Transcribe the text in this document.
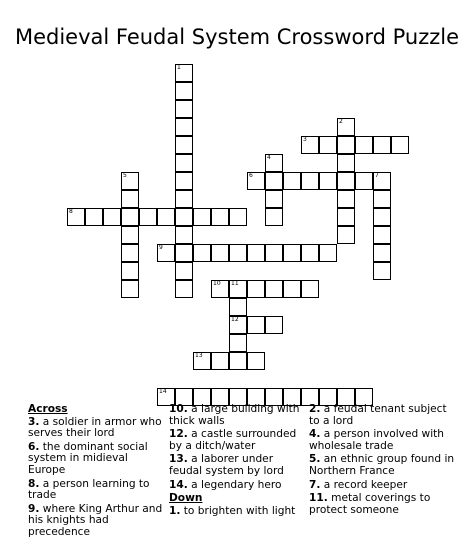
Medieval Feudal System Crossword Puzzle
1
2
3
4
5	6	7
8
9
10 11
12
13
14
Across
3. a soldier in armor who serves their lord
6. the dominant social system in midieval Europe
8. a person learning to trade
9. where King Arthur and his knights had precedence
10. a large building with thick walls
12. a castle surrounded by a ditch/water
13. a laborer under feudal system by lord
14. a legendary hero
Down
1. to brighten with light
2. a feudal tenant subject to a lord
4. a person involved with wholesale trade
5. an ethnic group found in Northern France
7. a record keeper
11. metal coverings to protect someone
